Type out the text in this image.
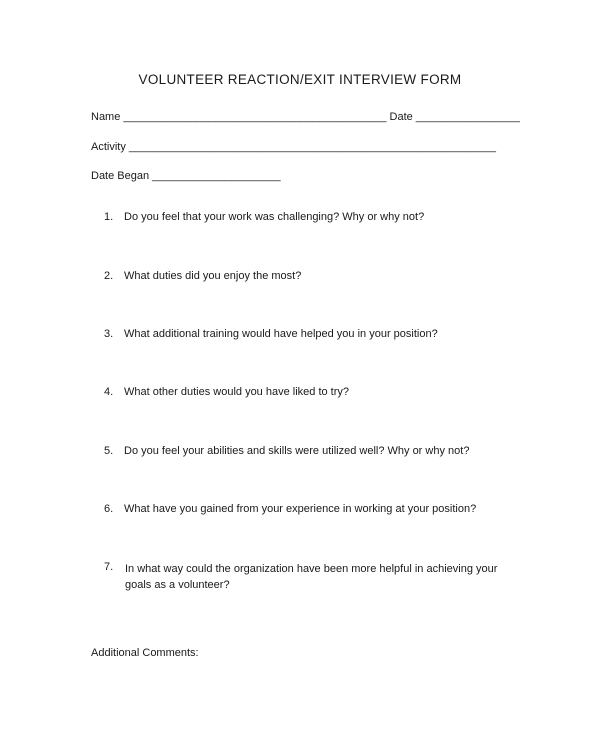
VOLUNTEER REACTION/EXIT INTERVIEW FORM
Name ___________________________________________ Date _________________
Activity ____________________________________________________________
Date Began _____________________
1. Do you feel that your work was challenging? Why or why not?
2. What duties did you enjoy the most?
3. What additional training would have helped you in your position?
4. What other duties would you have liked to try?
5. Do you feel your abilities and skills were utilized well? Why or why not?
6. What have you gained from your experience in working at your position?
7. In what way could the organization have been more helpful in achieving your goals as a volunteer?
Additional Comments:
